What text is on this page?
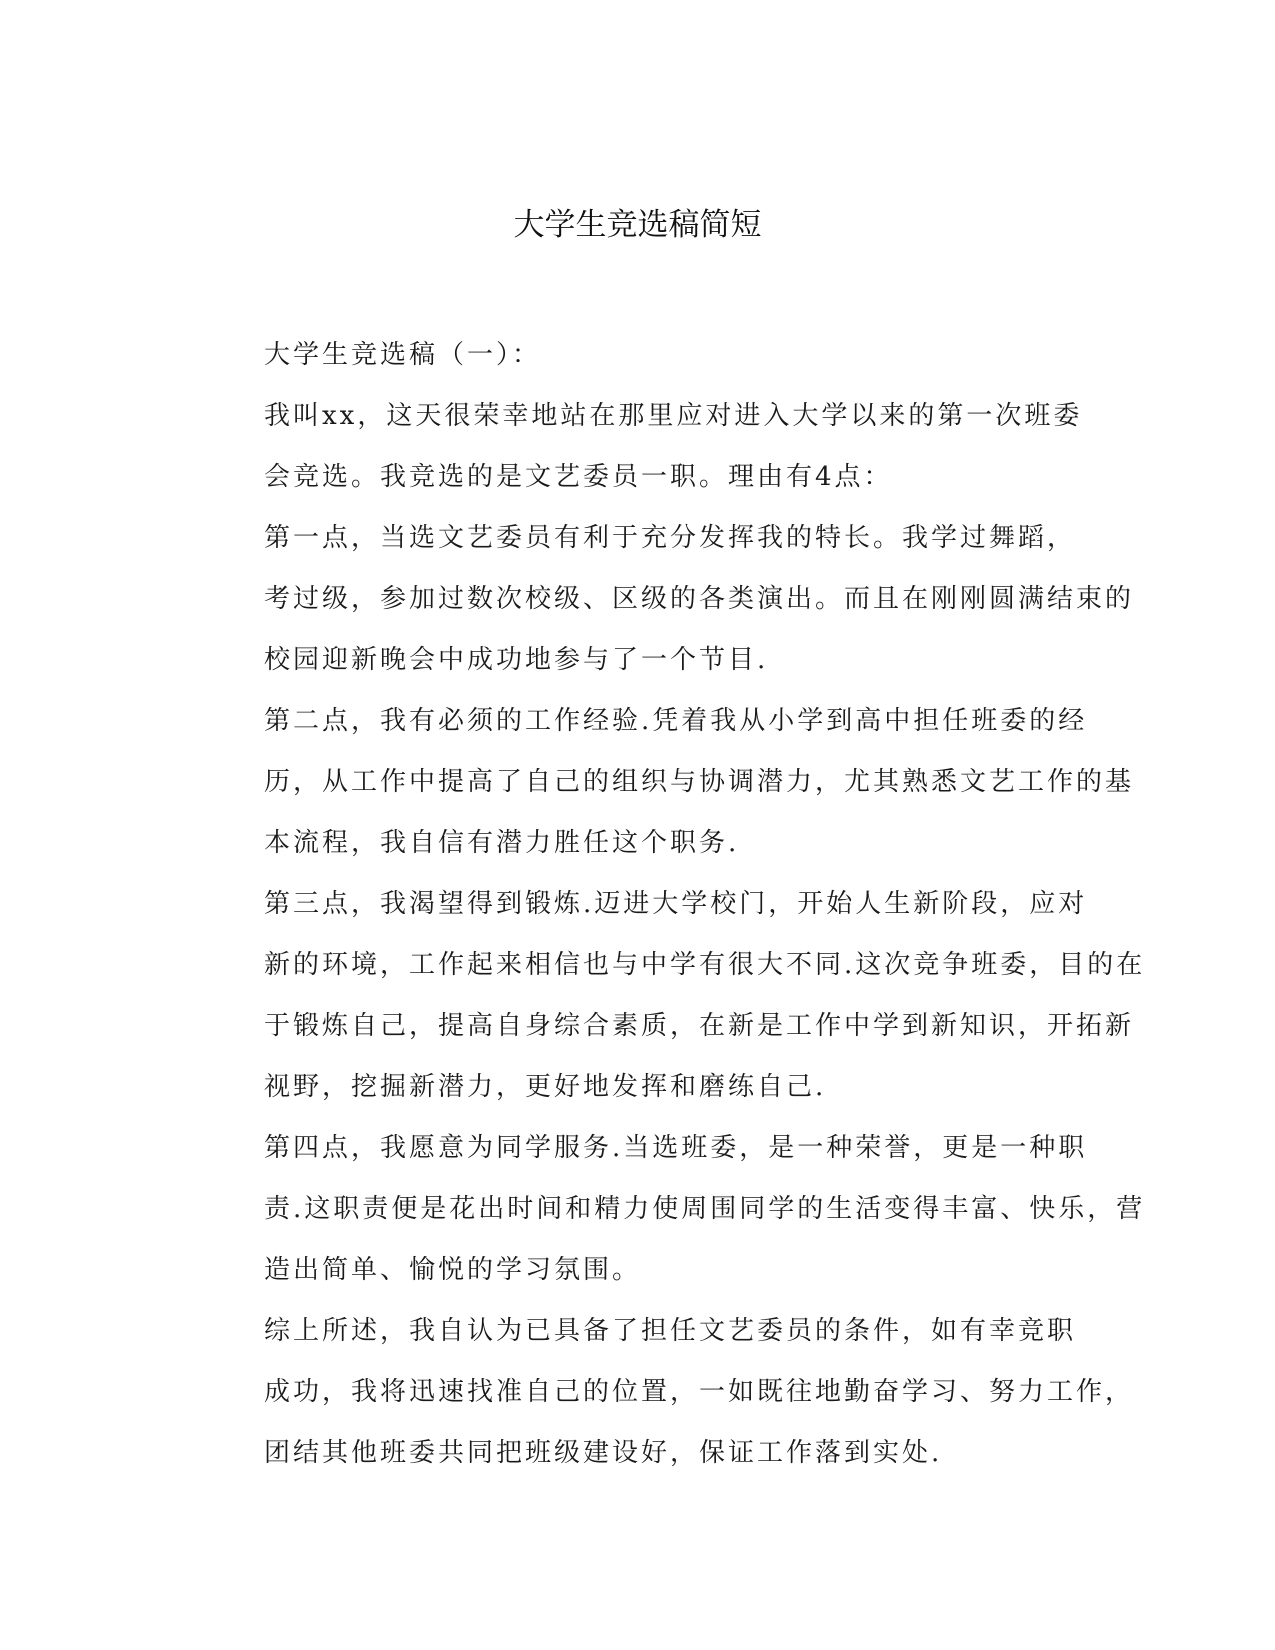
大学生竞选稿简短

大学生竞选稿（一）：

我叫xx，这天很荣幸地站在那里应对进入大学以来的第一次班委
会竞选。我竞选的是文艺委员一职。理由有4点：

第一点，当选文艺委员有利于充分发挥我的特长。我学过舞蹈，
考过级，参加过数次校级、区级的各类演出。而且在刚刚圆满结束的
校园迎新晚会中成功地参与了一个节目.

第二点，我有必须的工作经验.凭着我从小学到高中担任班委的经
历，从工作中提高了自己的组织与协调潜力，尤其熟悉文艺工作的基
本流程，我自信有潜力胜任这个职务.

第三点，我渴望得到锻炼.迈进大学校门，开始人生新阶段，应对
新的环境，工作起来相信也与中学有很大不同.这次竞争班委，目的在
于锻炼自己，提高自身综合素质，在新是工作中学到新知识，开拓新
视野，挖掘新潜力，更好地发挥和磨练自己.

第四点，我愿意为同学服务.当选班委，是一种荣誉，更是一种职
责.这职责便是花出时间和精力使周围同学的生活变得丰富、快乐，营
造出简单、愉悦的学习氛围。

综上所述，我自认为已具备了担任文艺委员的条件，如有幸竞职
成功，我将迅速找准自己的位置，一如既往地勤奋学习、努力工作，
团结其他班委共同把班级建设好，保证工作落到实处.
